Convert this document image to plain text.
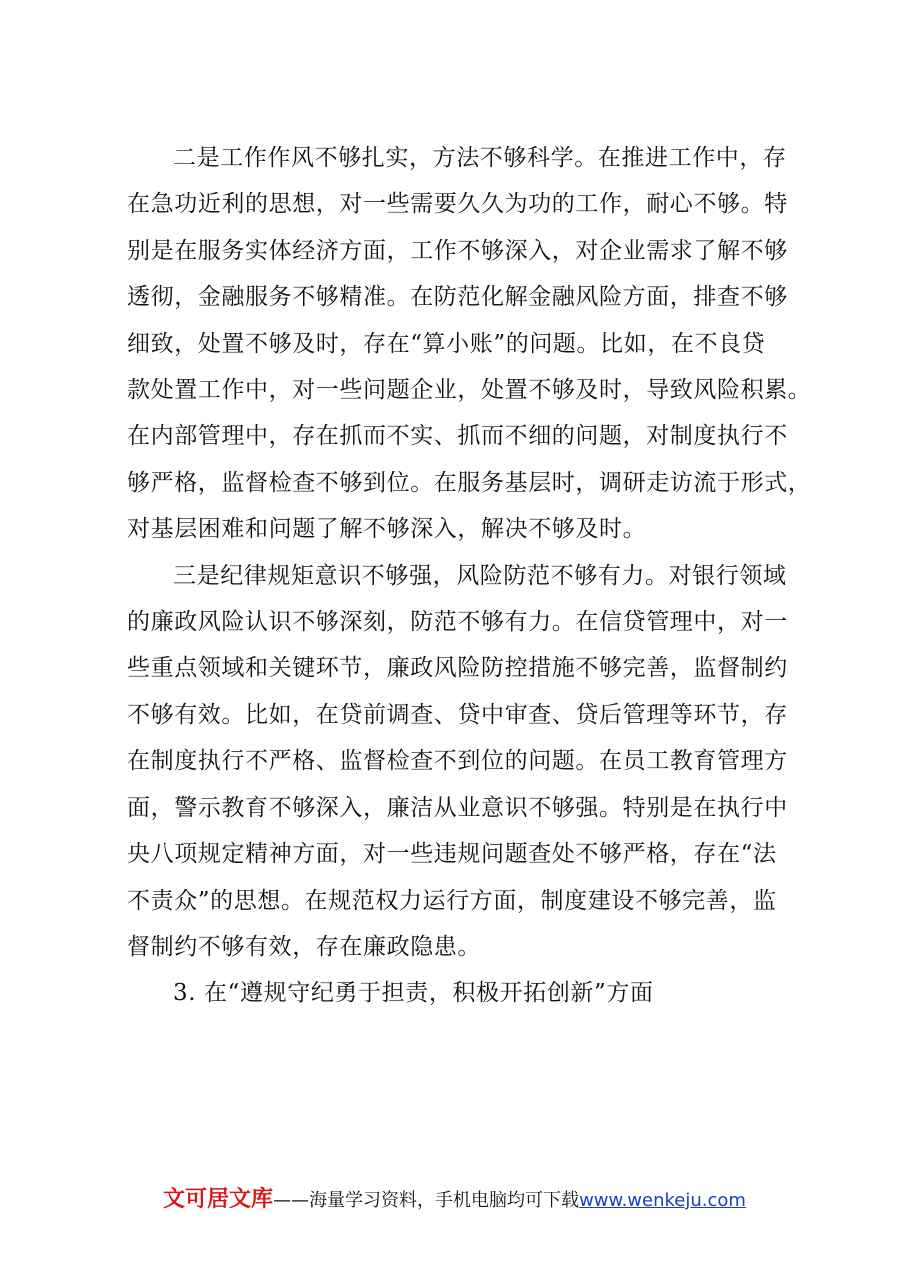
二是工作作风不够扎实，方法不够科学。在推进工作中，存
在急功近利的思想，对一些需要久久为功的工作，耐心不够。特
别是在服务实体经济方面，工作不够深入，对企业需求了解不够
透彻，金融服务不够精准。在防范化解金融风险方面，排查不够
细致，处置不够及时，存在“算小账”的问题。比如，在不良贷
款处置工作中，对一些问题企业，处置不够及时，导致风险积累。
在内部管理中，存在抓而不实、抓而不细的问题，对制度执行不
够严格，监督检查不够到位。在服务基层时，调研走访流于形式，
对基层困难和问题了解不够深入，解决不够及时。

三是纪律规矩意识不够强，风险防范不够有力。对银行领域
的廉政风险认识不够深刻，防范不够有力。在信贷管理中，对一
些重点领域和关键环节，廉政风险防控措施不够完善，监督制约
不够有效。比如，在贷前调查、贷中审查、贷后管理等环节，存
在制度执行不严格、监督检查不到位的问题。在员工教育管理方
面，警示教育不够深入，廉洁从业意识不够强。特别是在执行中
央八项规定精神方面，对一些违规问题查处不够严格，存在“法
不责众”的思想。在规范权力运行方面，制度建设不够完善，监
督制约不够有效，存在廉政隐患。

3. 在“遵规守纪勇于担责，积极开拓创新”方面

文可居文库——海量学习资料，手机电脑均可下载www.wenkeju.com
